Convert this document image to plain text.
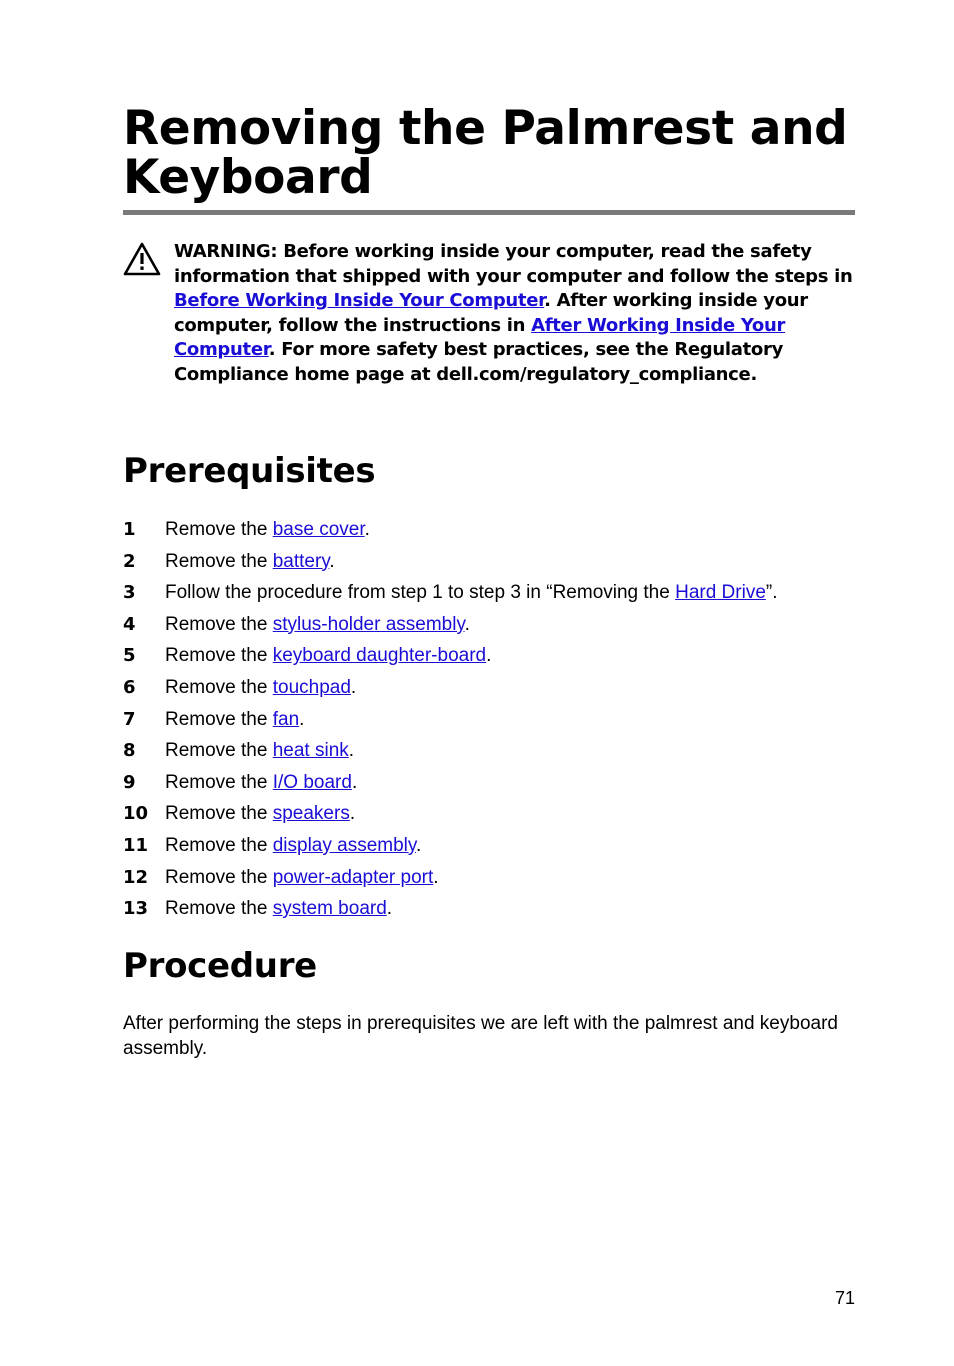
Removing the Palmrest and Keyboard

WARNING: Before working inside your computer, read the safety information that shipped with your computer and follow the steps in Before Working Inside Your Computer. After working inside your computer, follow the instructions in After Working Inside Your Computer. For more safety best practices, see the Regulatory Compliance home page at dell.com/regulatory_compliance.

Prerequisites
1 Remove the base cover.
2 Remove the battery.
3 Follow the procedure from step 1 to step 3 in “Removing the Hard Drive”.
4 Remove the stylus-holder assembly.
5 Remove the keyboard daughter-board.
6 Remove the touchpad.
7 Remove the fan.
8 Remove the heat sink.
9 Remove the I/O board.
10 Remove the speakers.
11 Remove the display assembly.
12 Remove the power-adapter port.
13 Remove the system board.
Procedure

After performing the steps in prerequisites we are left with the palmrest and keyboard assembly.

71
